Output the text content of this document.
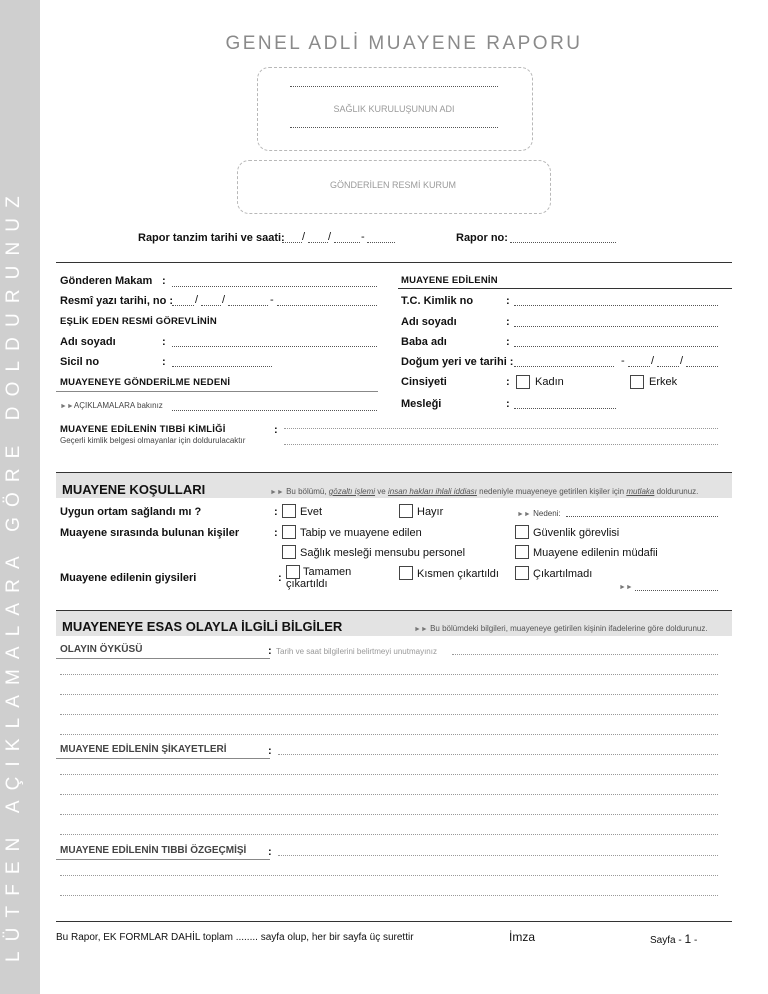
LÜTFEN AÇIKLAMALARA GÖRE DOLDURUNUZ
GENEL ADLİ MUAYENE RAPORU
SAĞLIK KURULUŞUNUN ADI
GÖNDERİLEN RESMİ KURUM
Rapor tanzim tarihi ve saati: / /	-	Rapor no:
Gönderen Makam :
Resmî yazı tarihi, no : / /	-
EŞLİK EDEN RESMİ GÖREVLİNİN
Adı soyadı	:
Sicil no	:
MUAYENEYE GÖNDERİLME NEDENİ
►►AÇIKLAMALARA bakınız
MUAYENE EDİLENİN
T.C. Kimlik no	:
Adı soyadı	:
Baba adı	:
Doğum yeri ve tarihi :	- / /
Cinsiyeti	: Kadın	Erkek
Mesleği	:
MUAYENE EDİLENİN TIBBİ KİMLİĞİ
Geçerli kimlik belgesi olmayanlar için doldurulacaktır
:
MUAYENE KOŞULLARI	►► Bu bölümü, gözaltı işlemi ve insan hakları ihlali iddiası nedeniyle muayeneye getirilen kişiler için mutlaka doldurunuz.
Uygun ortam sağlandı mı ?	: Evet	Hayır	►► Nedeni:
Muayene sırasında bulunan kişiler	: Tabip ve muayene edilen	Güvenlik görevlisi
Sağlık mesleği mensubu personel	Muayene edilenin müdafii
Muayene edilenin giysileri	: Tamamen
çıkartıldı
Kısmen çıkartıldı	Çıkartılmadı
►►
MUAYENEYE ESAS OLAYLA İLGİLİ BİLGİLER	►► Bu bölümdeki bilgileri, muayeneye getirilen kişinin ifadelerine göre doldurunuz.
OLAYIN ÖYKÜSÜ	: Tarih ve saat bilgilerini belirtmeyi unutmayınız
MUAYENE EDİLENİN ŞİKAYETLERİ	:
MUAYENE EDİLENİN TIBBİ ÖZGEÇMİŞİ :
Bu Rapor, EK FORMLAR DAHİL toplam ........ sayfa olup, her bir sayfa üç surettir	İmza	Sayfa - 1 -
